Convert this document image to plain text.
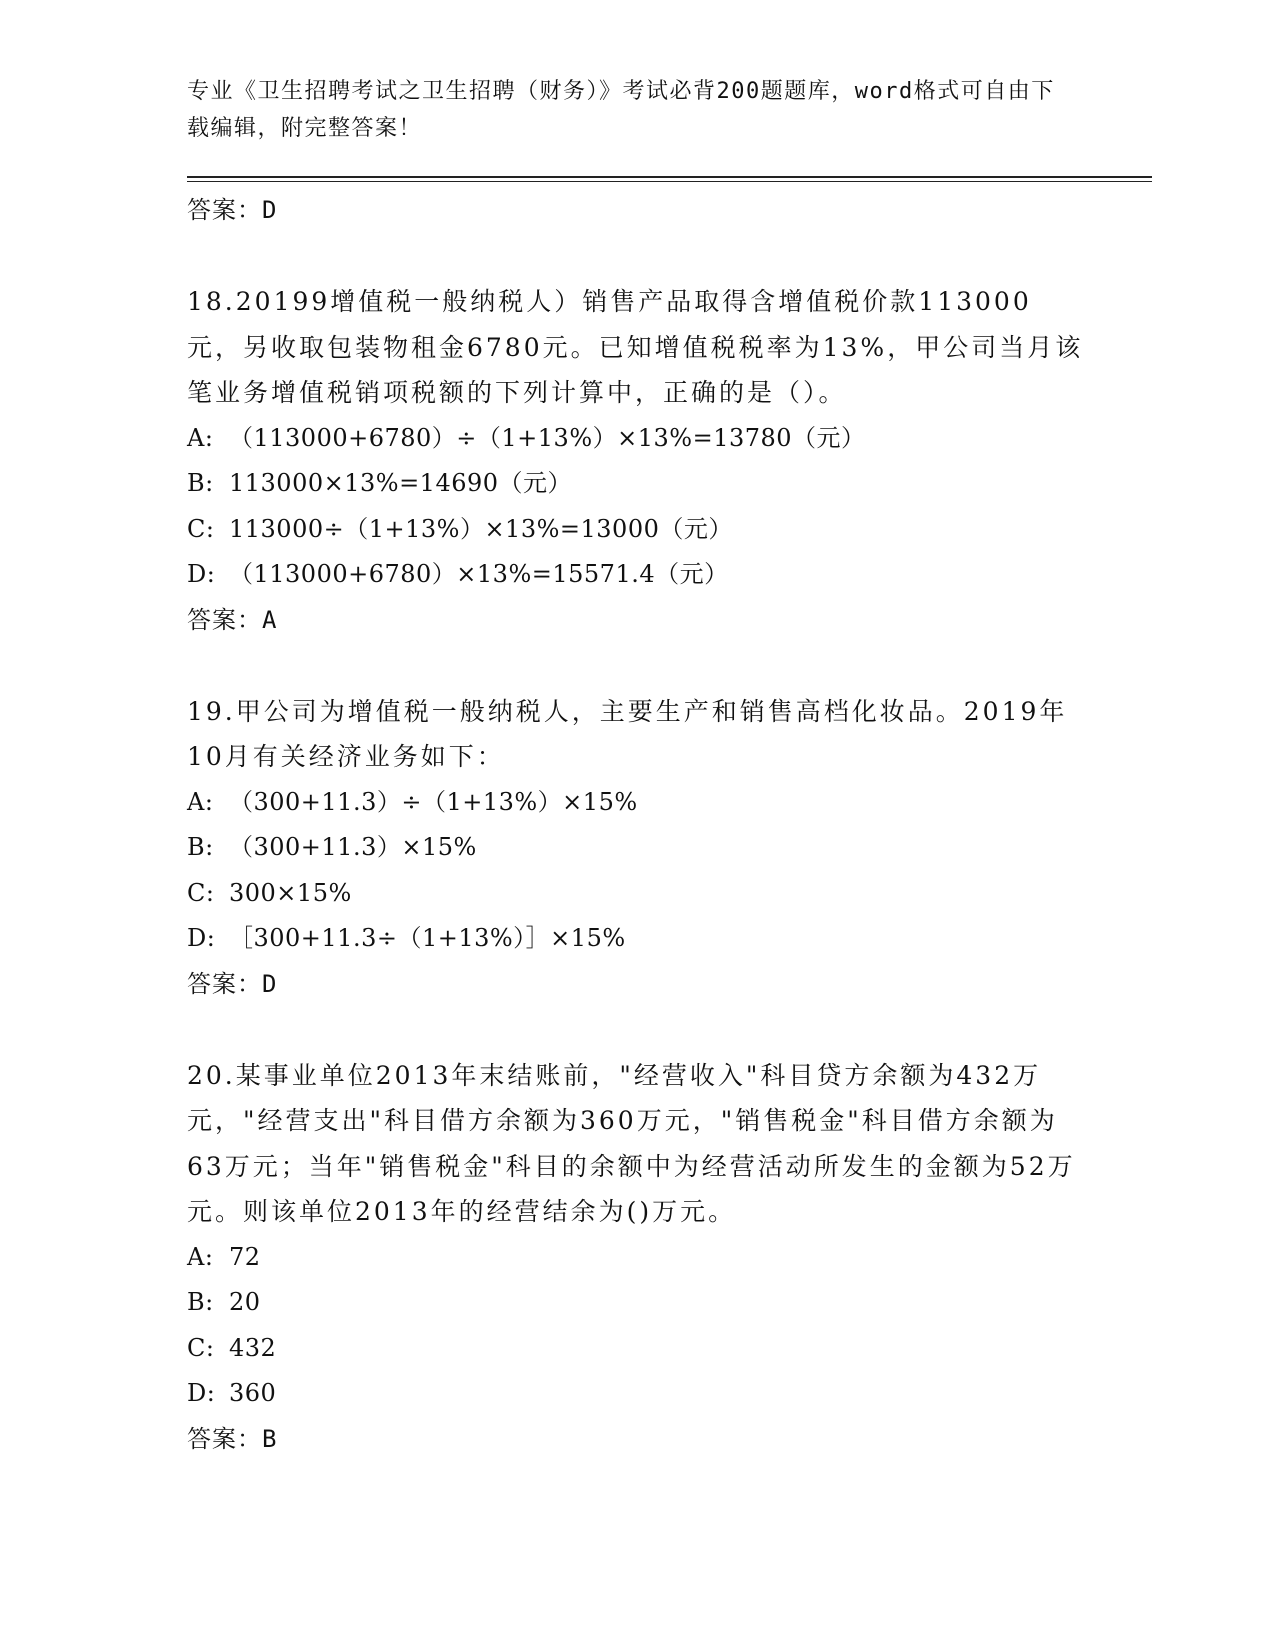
专业《卫生招聘考试之卫生招聘（财务）》考试必背200题题库，word格式可自由下载编辑，附完整答案！

答案：D

18.20199增值税一般纳税人）销售产品取得含增值税价款113000元，另收取包装物租金6780元。已知增值税税率为13%，甲公司当月该笔业务增值税销项税额的下列计算中，正确的是（）。

A: （113000+6780）÷（1+13%）×13%=13780（元）

B: 113000×13%=14690（元）

C: 113000÷（1+13%）×13%=13000（元）

D: （113000+6780）×13%=15571.4（元）

答案：A

19.甲公司为增值税一般纳税人，主要生产和销售高档化妆品。2019年10月有关经济业务如下：

A: （300+11.3）÷（1+13%）×15%

B: （300+11.3）×15%

C: 300×15%

D: ［300+11.3÷（1+13%）］×15%

答案：D

20.某事业单位2013年末结账前，"经营收入"科目贷方余额为432万元，"经营支出"科目借方余额为360万元，"销售税金"科目借方余额为63万元；当年"销售税金"科目的余额中为经营活动所发生的金额为52万元。则该单位2013年的经营结余为()万元。

A: 72

B: 20

C: 432

D: 360

答案：B
